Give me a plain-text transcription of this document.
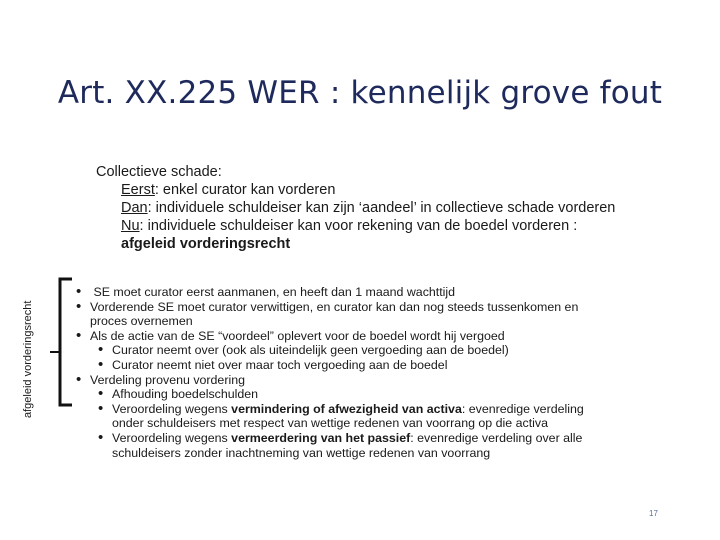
Art. XX.225 WER : kennelijk grove fout
Collectieve schade:
Eerst: enkel curator kan vorderen
Dan: individuele schuldeiser kan zijn ‘aandeel’ in collectieve schade vorderen
Nu: individuele schuldeiser kan voor rekening van de boedel vorderen :
afgeleid vorderingsrecht
afgeleid vorderingsrecht
• SE moet curator eerst aanmanen, en heeft dan 1 maand wachttijd
• Vorderende SE moet curator verwittigen, en curator kan dan nog steeds tussenkomen en
proces overnemen
• Als de actie van de SE “voordeel” oplevert voor de boedel wordt hij vergoed
• Curator neemt over (ook als uiteindelijk geen vergoeding aan de boedel)
• Curator neemt niet over maar toch vergoeding aan de boedel
• Verdeling provenu vordering
• Afhouding boedelschulden
• Veroordeling wegens vermindering of afwezigheid van activa: evenredige verdeling
onder schuldeisers met respect van wettige redenen van voorrang op die activa
• Veroordeling wegens vermeerdering van het passief: evenredige verdeling over alle
schuldeisers zonder inachtneming van wettige redenen van voorrang
17
